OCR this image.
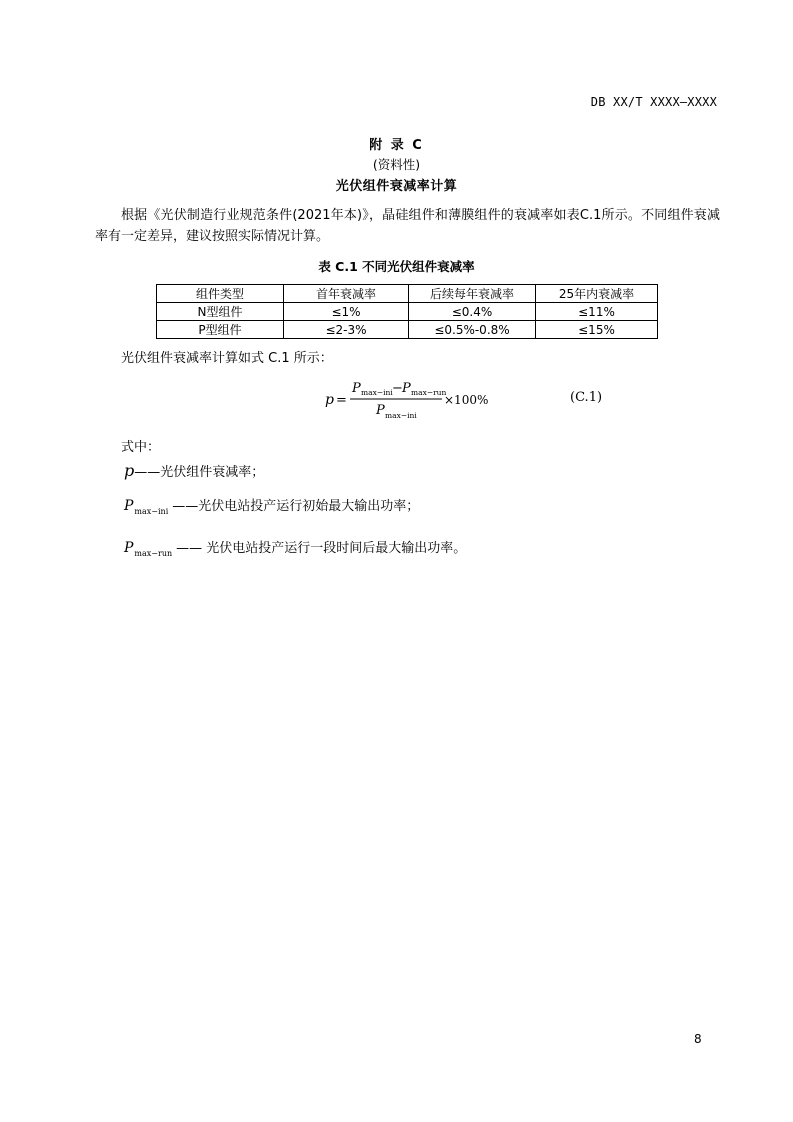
DB XX/T XXXX—XXXX
附 录 C
(资料性)
光伏组件衰减率计算
根据《光伏制造行业规范条件(2021年本)》，晶硅组件和薄膜组件的衰减率如表C.1所示。不同组件衰减率有一定差异，建议按照实际情况计算。
表 C.1 不同光伏组件衰减率
组件类型	首年衰减率	后续每年衰减率	25年内衰减率
N型组件	≤1%	≤0.4%	≤11%
P型组件	≤2-3%	≤0.5%-0.8%	≤15%
光伏组件衰减率计算如式 C.1 所示：
p =
P max−ini − P max−run
P max−ini
×100%	(C.1)
式中：
p——光伏组件衰减率；
$P_{max-ini}$ ——光伏电站投产运行初始最大输出功率；
$P_{max-run}$ —— 光伏电站投产运行一段时间后最大输出功率。
8
